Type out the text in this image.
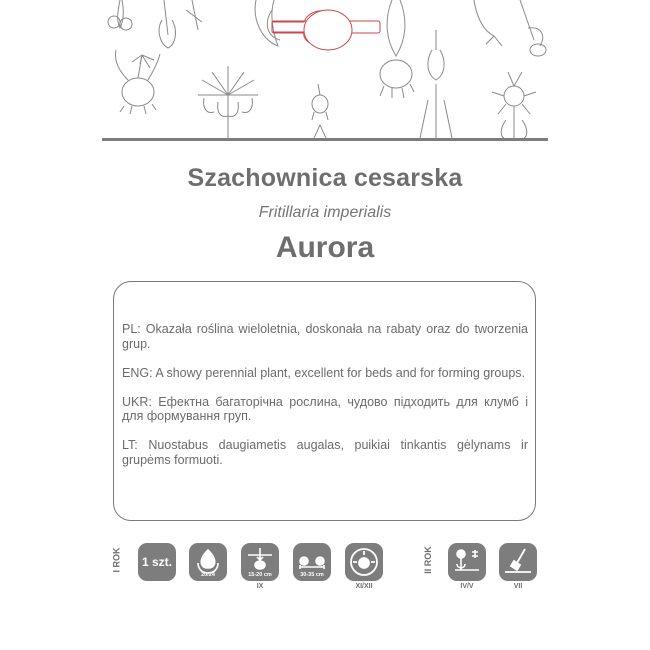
Szachownica cesarska
Fritillaria imperialis
Aurora

PL: Okazała roślina wieloletnia, doskonała na rabaty oraz do tworzenia grup.

ENG: A showy perennial plant, excellent for beds and for forming groups.

UKR: Ефектна багаторічна рослина, чудово підходить для клумб і для формування груп.

LT: Nuostabus daugiametis augalas, puikiai tinkantis gėlynams ir grupėms formuoti.

I ROK 1 szt.
20/24	15-20 cm
IX
30-35 cm
XI/XII
II ROK
IV/V	VII
